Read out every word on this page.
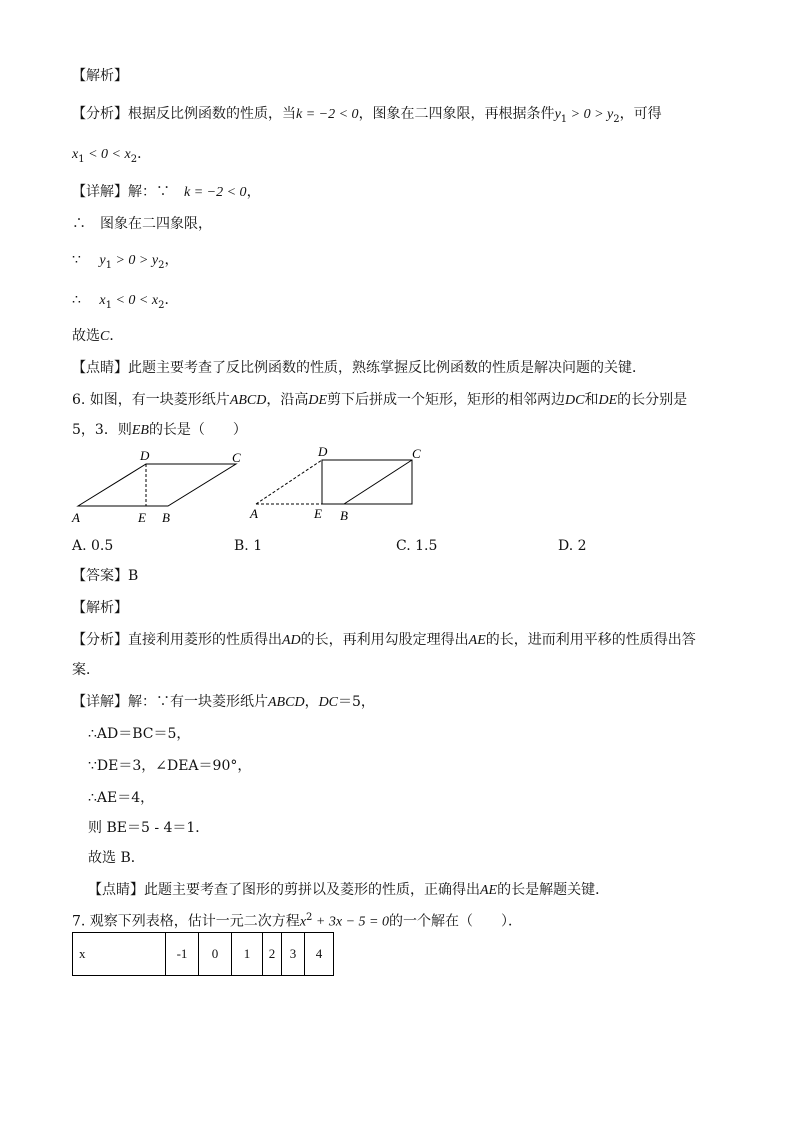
【解析】
【分析】根据反比例函数的性质，当k = −2 < 0，图象在二四象限，再根据条件$y_1 > 0 > y_2$，可得
$x_1 < 0 < x_2$．
【详解】解：∵　k = −2 < 0，
∴　图象在二四象限，
∵　 $y_1 > 0 > y_2$，
∴　 $x_1 < 0 < x_2$．
故选C．
【点睛】此题主要考查了反比例函数的性质，熟练掌握反比例函数的性质是解决问题的关键．
6. 如图，有一块菱形纸片ABCD，沿高DE剪下后拼成一个矩形，矩形的相邻两边DC和DE的长分别是
5，3．则EB的长是（　　）
D	C
A	E B
D	C
A	E B
A. 0.5	B. 1	C. 1.5	D. 2
【答案】B
【解析】
【分析】直接利用菱形的性质得出AD的长，再利用勾股定理得出AE的长，进而利用平移的性质得出答
案．
【详解】解：∵有一块菱形纸片ABCD，DC＝5，
∴AD＝BC＝5，
∵DE＝3，∠DEA＝90°，
∴AE＝4，
则 BE＝5 - 4＝1．
故选 B．
【点睛】此题主要考查了图形的剪拼以及菱形的性质，正确得出AE的长是解题关键．
7. 观察下列表格，估计一元二次方程$x^2 + 3x - 5 = 0$的一个解在（　　）．
x	-1	0	1	2	3	4
